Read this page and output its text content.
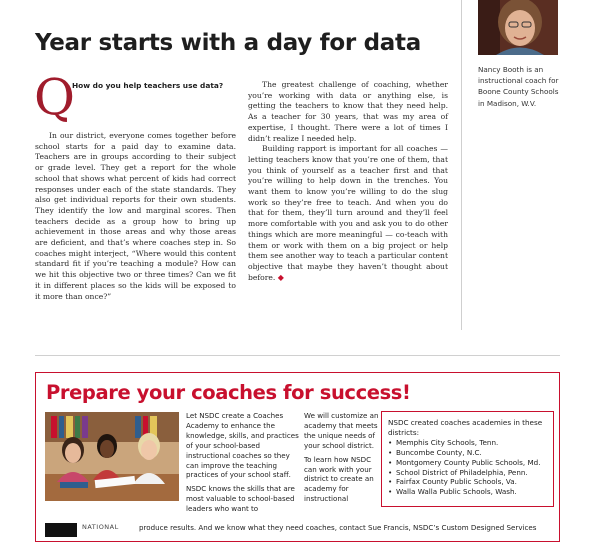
Year starts with a day for data
Nancy Booth is an instructional coach for Boone County Schools in Madison, W.V.
Q
How do you help teachers use data?

In our district, everyone comes together before school starts for a paid day to examine data. Teachers are in groups according to their subject or grade level. They get a report for the whole school that shows what percent of kids had correct responses under each of the state standards. They also get individual reports for their own students. They identify the low and marginal scores. Then teachers decide as a group how to bring up achievement in those areas and why those areas are deficient, and that’s where coaches step in. So coaches might interject, “Where would this content standard fit if you’re teaching a module? How can we hit this objective two or three times? Can we fit it in different places so the kids will be exposed to it more than once?”

The greatest challenge of coaching, whether you’re working with data or anything else, is getting the teachers to know that they need help. As a teacher for 30 years, that was my area of expertise, I thought. There were a lot of times I didn’t realize I needed help.

Building rapport is important for all coaches — letting teachers know that you’re one of them, that you think of yourself as a teacher first and that you’re willing to help down in the trenches. You want them to know you’re willing to do the slug work so they’re free to teach. And when you do that for them, they’ll turn around and they’ll feel more comfortable with you and ask you to do other things which are more meaningful — co-teach with them or work with them on a big project or help them see another way to teach a particular content objective that maybe they haven’t thought about before. ◆

Prepare your coaches for success!

Let NSDC create a Coaches Academy to enhance the knowledge, skills, and practices of your school-based instructional coaches so they can improve the teaching practices of your school staff.

NSDC knows the skills that are most valuable to school-based leaders who want to

We will customize an academy that meets the unique needs of your school district.

To learn how NSDC can work with your district to create an academy for instructional

NSDC created coaches academies in these districts:
• Memphis City Schools, Tenn.
• Buncombe County, N.C.
• Montgomery County Public Schools, Md.
• School District of Philadelphia, Penn.
• Fairfax County Public Schools, Va.
• Walla Walla Public Schools, Wash.
NATIONAL	produce results. And we know what they need coaches, contact Sue Francis, NSDC’s Custom Designed Services
